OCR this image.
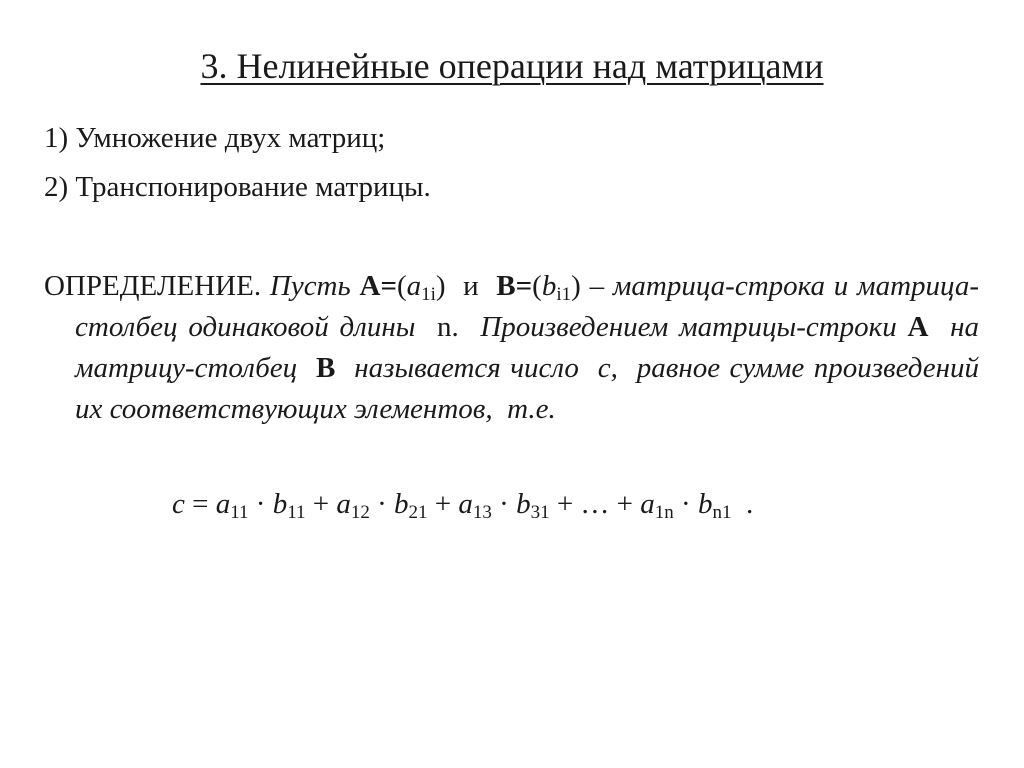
3. Нелинейные операции над матрицами
1) Умножение двух матриц;
2) Транспонирование матрицы.
ОПРЕДЕЛЕНИЕ. Пусть $А=(a_{1i})$ и $В=(b_{i1})$ – матрица-строка и матрица-столбец одинаковой длины n. Произведением матрицы-строки А на матрицу-столбец В называется число c, равное сумме произведений их соответствующих элементов, т.е.
$c = a_{11} \cdot b_{11} + a_{12} \cdot b_{21} + a_{13} \cdot b_{31}$ + … + $a_{1n} \cdot b_{n1}$ .
